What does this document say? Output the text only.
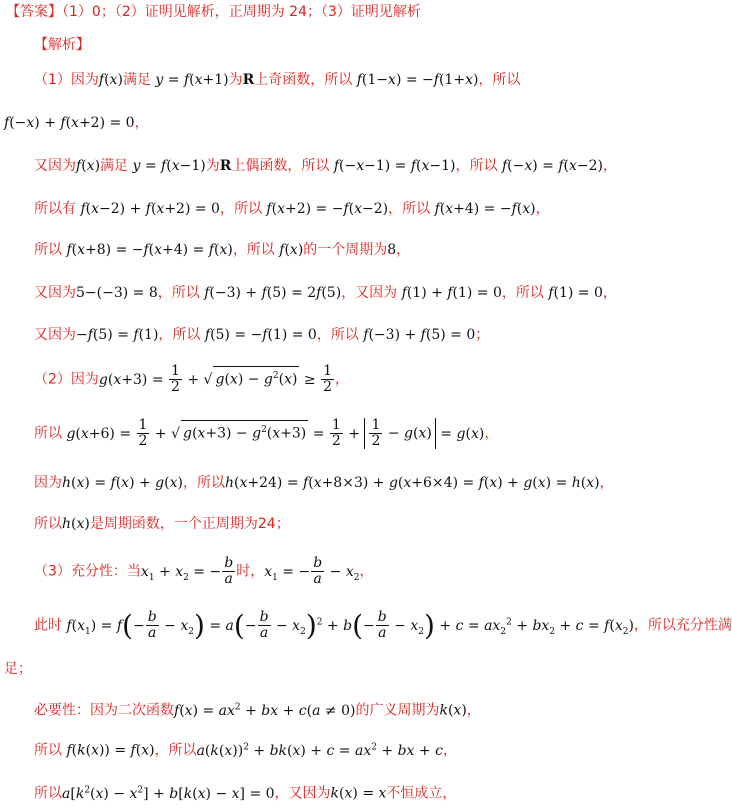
【答案】（1）0；（2）证明见解析，正周期为 24；（3）证明见解析
【解析】
（1）因为f(x)满足 y = f(x+1)为R上奇函数，所以 f(1−x) = −f(1+x)，所以
f(−x) + f(x+2) = 0，
又因为f(x)满足 y = f(x−1)为R上偶函数，所以 f(−x−1) = f(x−1)，所以 f(−x) = f(x−2)，
所以有 f(x−2) + f(x+2) = 0，所以 f(x+2) = −f(x−2)，所以 f(x+4) = −f(x)，
所以 f(x+8) = −f(x+4) = f(x)，所以 f(x)的一个周期为8，
又因为5−(−3) = 8，所以 f(−3) + f(5) = 2f(5)，又因为 f(1) + f(1) = 0，所以 f(1) = 0，
又因为−f(5) = f(1)，所以 f(5) = −f(1) = 0，所以 f(−3) + f(5) = 0；
（2）因为$g(x+3) = \frac{1}{2}$ + √ $g(x) - g^2(x) \ge \frac{1}{2}$ ，
所以 $g(x+6) = \frac{1}{2}$ + √ $g(x+3) - g^2(x+3) = \frac{1}{2} + \frac{1}{2} - g(x) = g(x)$，
因为h(x) = f(x) + g(x)，所以h(x+24) = f(x+8×3) + g(x+6×4) = f(x) + g(x) = h(x)，
所以h(x)是周期函数，一个正周期为24；
（3）充分性：当$x_1 + x_2$ = − $\frac{b}{a}$ 时，$x_1$ = − $\frac{b}{a} - x_2$，
此时 $f(x_1) = f(- \frac{b}{a} - x_2) = a(- \frac{b}{a} - x_2)^2 + b(- \frac{b}{a} - x_2) + c = ax_2^2 + bx_2 + c = f(x_2)$，所以充分性满
足；
必要性：因为二次函数$f(x) = ax^2$ + bx + c(a ≠ 0)的广义周期为k(x)，
所以 f(k(x)) = f(x)，所以$a(k(x))^2 + bk(x) + c = ax^2$ + bx + c，
所以$a[k^2(x) - x^2] + b[k(x) - x] = 0$，又因为k(x) = x不恒成立，
